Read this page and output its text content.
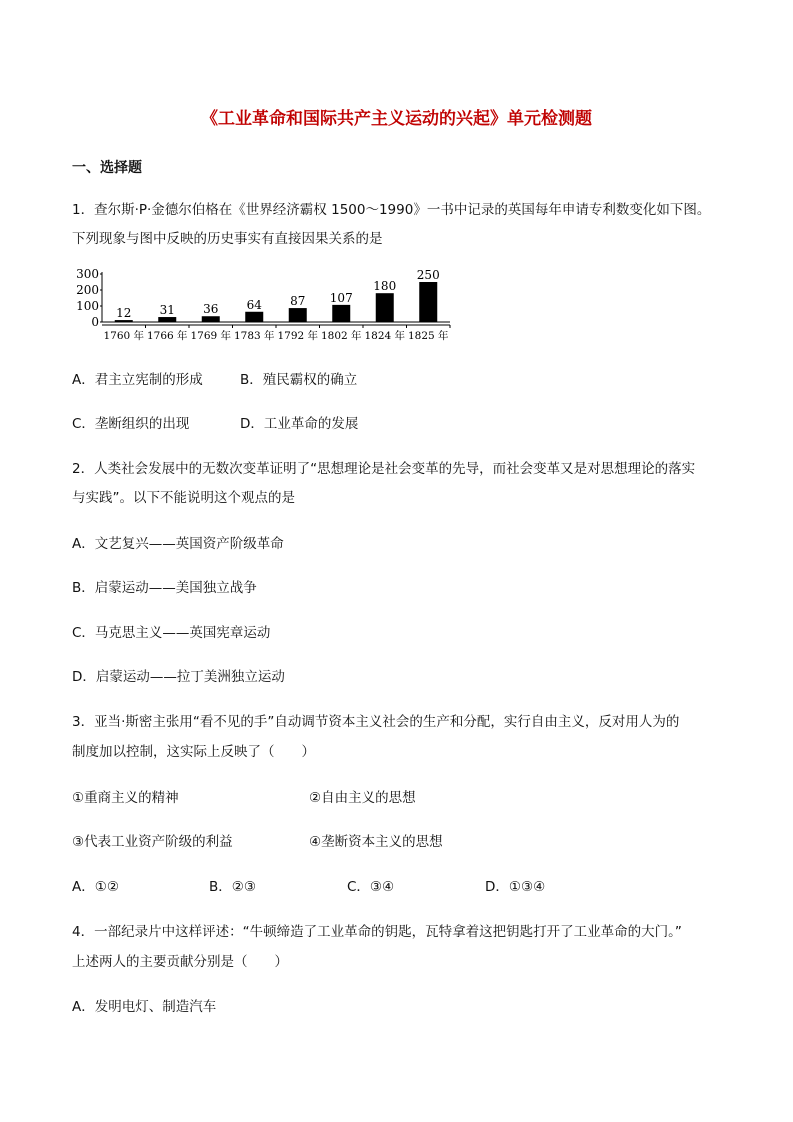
《工业革命和国际共产主义运动的兴起》单元检测题
一、选择题
1．查尔斯·P·金德尔伯格在《世界经济霸权 1500～1990》一书中记录的英国每年申请专利数变化如下图。
下列现象与图中反映的历史事实有直接因果关系的是
300
200
100
0
12
1760 年
31
1766 年
36
1769 年
64
1783 年
87
1792 年
107
1802 年
180
1824 年
250
1825 年
A．君主立宪制的形成	B．殖民霸权的确立
C．垄断组织的出现	D．工业革命的发展
2．人类社会发展中的无数次变革证明了“思想理论是社会变革的先导，而社会变革又是对思想理论的落实
与实践”。以下不能说明这个观点的是
A．文艺复兴——英国资产阶级革命
B．启蒙运动——美国独立战争
C．马克思主义——英国宪章运动
D．启蒙运动——拉丁美洲独立运动
3．亚当·斯密主张用“看不见的手”自动调节资本主义社会的生产和分配，实行自由主义，反对用人为的
制度加以控制，这实际上反映了（　　）
①重商主义的精神	②自由主义的思想
③代表工业资产阶级的利益	④垄断资本主义的思想
A．①②	B．②③	C．③④	D．①③④
4．一部纪录片中这样评述：“牛顿缔造了工业革命的钥匙，瓦特拿着这把钥匙打开了工业革命的大门。”
上述两人的主要贡献分别是（　　）
A．发明电灯、制造汽车
